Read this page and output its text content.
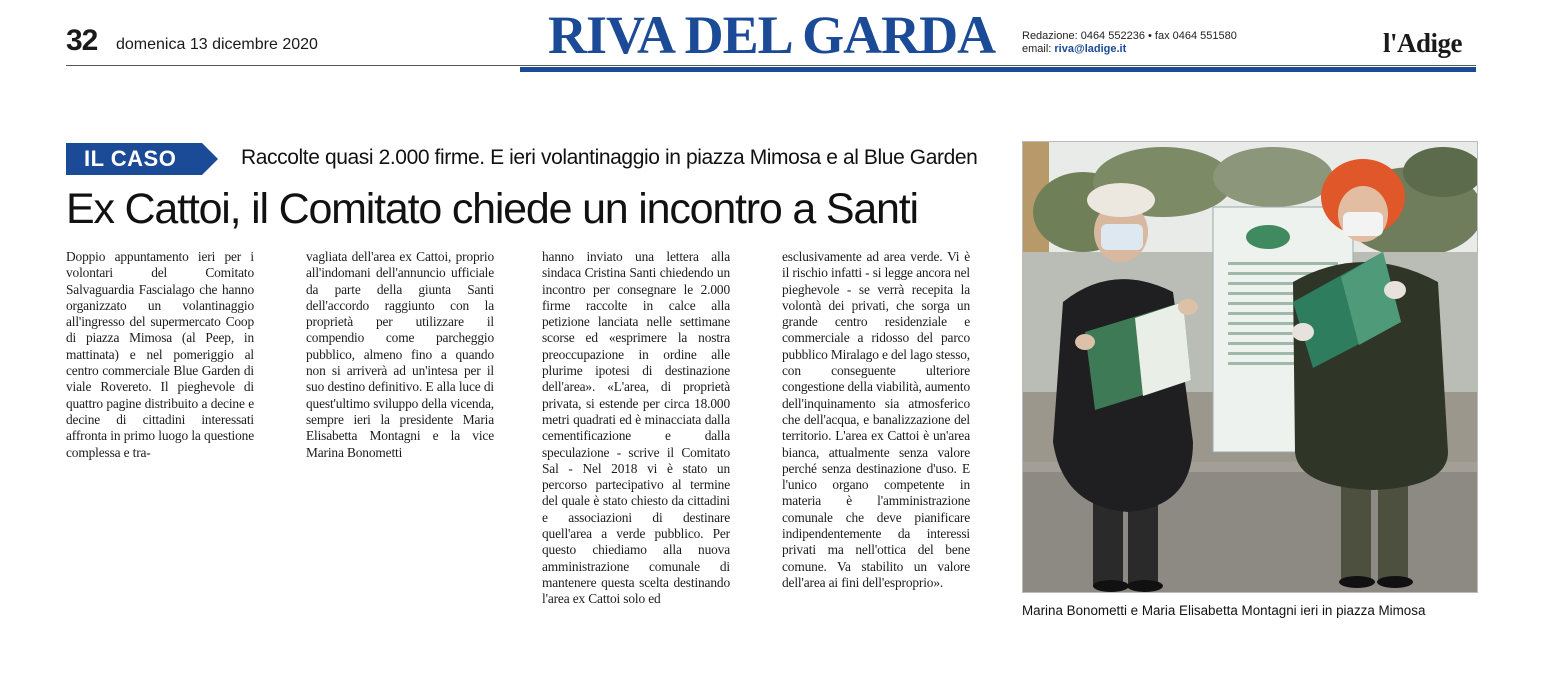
32 domenica 13 dicembre 2020	RIVA DEL GARDA	Redazione: 0464 552236 • fax 0464 551580
email: riva@ladige.it	l'Adige
IL CASO	Raccolte quasi 2.000 firme. E ieri volantinaggio in piazza Mimosa e al Blue Garden
Ex Cattoi, il Comitato chiede un incontro a Santi

Doppio appuntamento ieri per i volontari del Comitato Salvaguardia Fascialago che hanno organizzato un volantinaggio all'ingresso del supermercato Coop di piazza Mimosa (al Peep, in mattinata) e nel pomeriggio al centro commerciale Blue Garden di viale Rovereto. Il pieghevole di quattro pagine distribuito a decine e decine di cittadini interessati affronta in primo luogo la questione complessa e tra-

vagliata dell'area ex Cattoi, proprio all'indomani dell'annuncio ufficiale da parte della giunta Santi dell'accordo raggiunto con la proprietà per utilizzare il compendio come parcheggio pubblico, almeno fino a quando non si arriverà ad un'intesa per il suo destino definitivo. E alla luce di quest'ultimo sviluppo della vicenda, sempre ieri la presidente Maria Elisabetta Montagni e la vice Marina Bonometti

hanno inviato una lettera alla sindaca Cristina Santi chiedendo un incontro per consegnare le 2.000 firme raccolte in calce alla petizione lanciata nelle settimane scorse ed «esprimere la nostra preoccupazione in ordine alle plurime ipotesi di destinazione dell'area». «L'area, di proprietà privata, si estende per circa 18.000 metri quadrati ed è minacciata dalla cementificazione e dalla speculazione - scrive il Comitato Sal - Nel 2018 vi è stato un percorso partecipativo al termine del quale è stato chiesto da cittadini e associazioni di destinare quell'area a verde pubblico. Per questo chiediamo alla nuova amministrazione comunale di mantenere questa scelta destinando l'area ex Cattoi solo ed

esclusivamente ad area verde. Vi è il rischio infatti - si legge ancora nel pieghevole - se verrà recepita la volontà dei privati, che sorga un grande centro residenziale e commerciale a ridosso del parco pubblico Miralago e del lago stesso, con conseguente ulteriore congestione della viabilità, aumento dell'inquinamento sia atmosferico che dell'acqua, e banalizzazione del territorio. L'area ex Cattoi è un'area bianca, attualmente senza valore perché senza destinazione d'uso. E l'unico organo competente in materia è l'amministrazione comunale che deve pianificare indipendentemente da interessi privati ma nell'ottica del bene comune. Va stabilito un valore dell'area ai fini dell'esproprio».

Marina Bonometti e Maria Elisabetta Montagni ieri in piazza Mimosa
